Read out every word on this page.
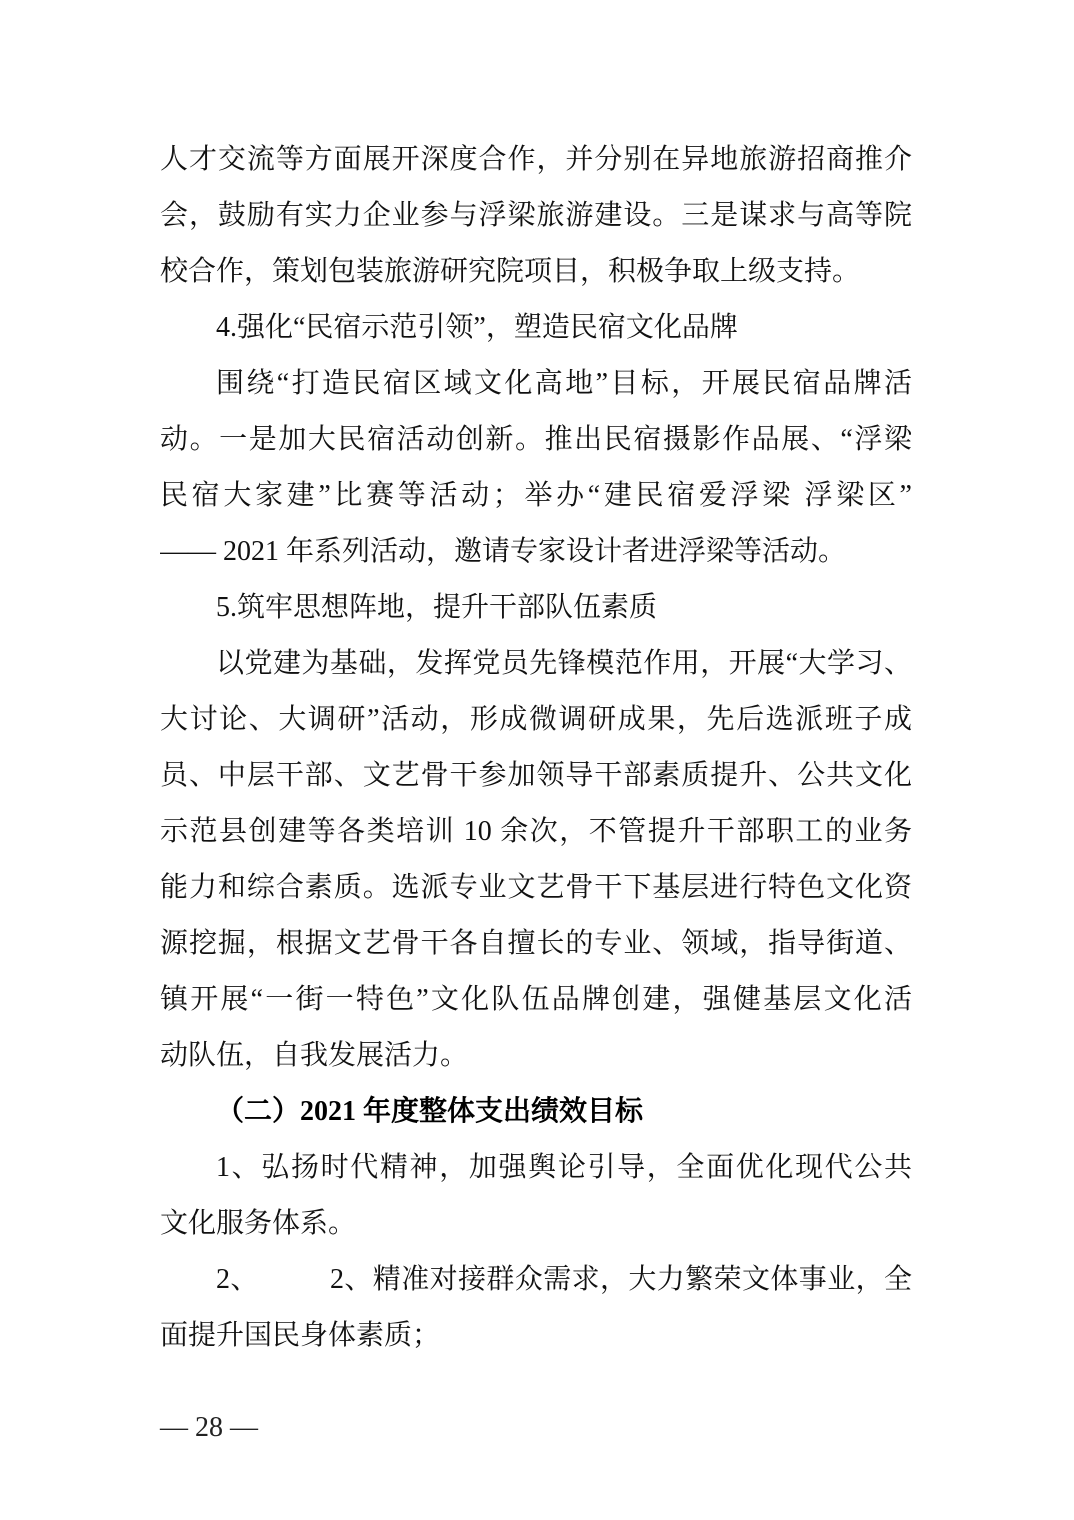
人才交流等方面展开深度合作，并分别在异地旅游招商推介
会，鼓励有实力企业参与浮梁旅游建设。三是谋求与高等院
校合作，策划包装旅游研究院项目，积极争取上级支持。
4.强化“民宿示范引领”，塑造民宿文化品牌
围绕“打造民宿区域文化高地”目标，开展民宿品牌活
动。一是加大民宿活动创新。推出民宿摄影作品展、“浮梁
民宿大家建”比赛等活动；举办“建民宿爱浮梁 浮梁区”
—— 2021 年系列活动，邀请专家设计者进浮梁等活动。
5.筑牢思想阵地，提升干部队伍素质
以党建为基础，发挥党员先锋模范作用，开展“大学习、
大讨论、大调研”活动，形成微调研成果，先后选派班子成
员、中层干部、文艺骨干参加领导干部素质提升、公共文化
示范县创建等各类培训 10 余次，不管提升干部职工的业务
能力和综合素质。选派专业文艺骨干下基层进行特色文化资
源挖掘，根据文艺骨干各自擅长的专业、领域，指导街道、
镇开展“一街一特色”文化队伍品牌创建，强健基层文化活
动队伍，自我发展活力。
（二）2021 年度整体支出绩效目标
1、弘扬时代精神，加强舆论引导，全面优化现代公共
文化服务体系。
2、　　　2、精准对接群众需求，大力繁荣文体事业，全
面提升国民身体素质；
— 28 —
